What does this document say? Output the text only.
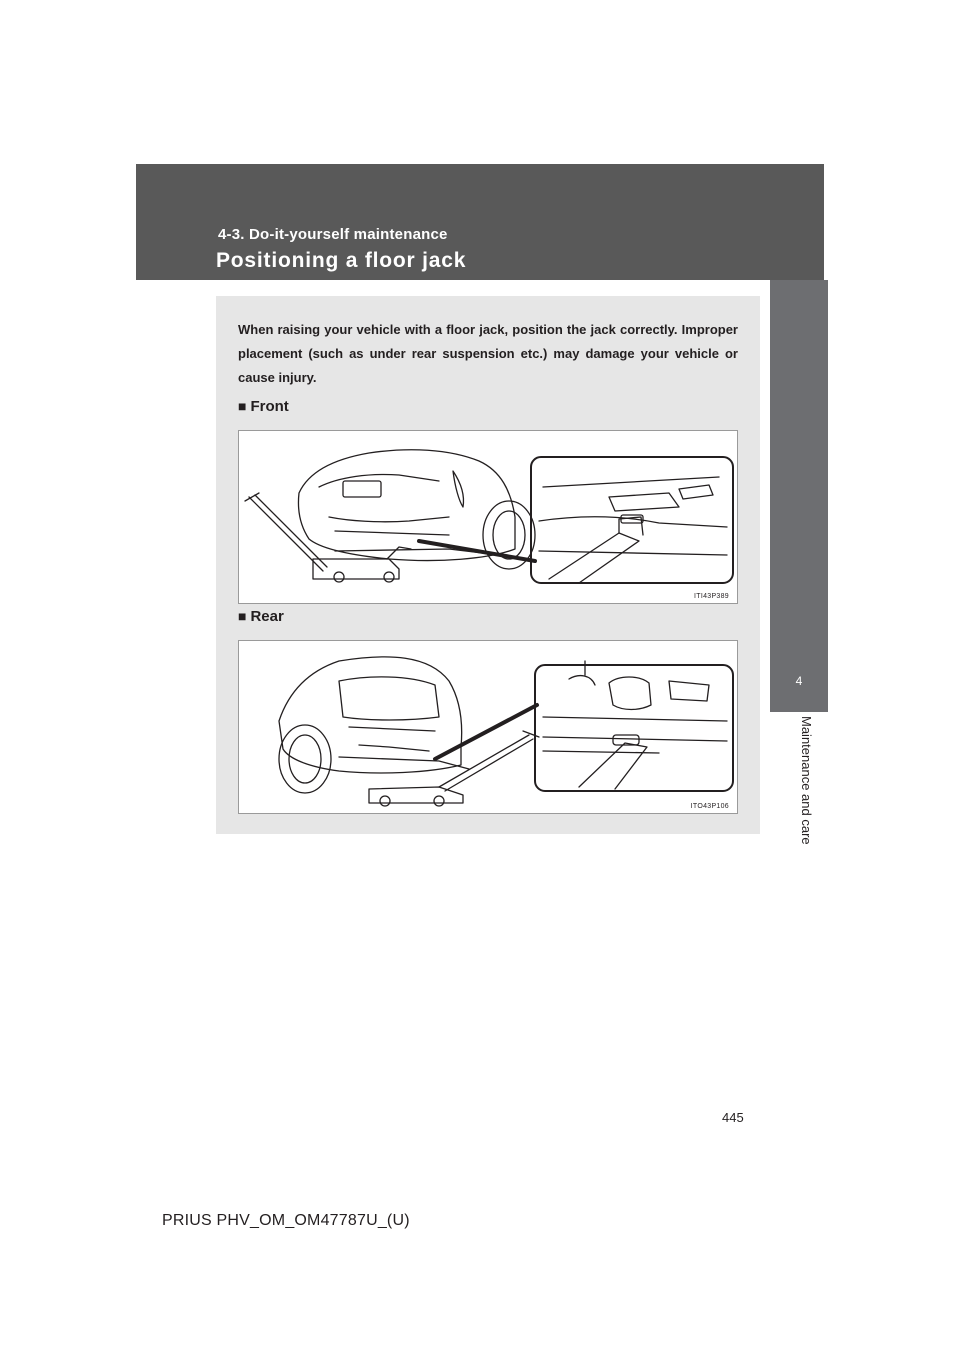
4-3. Do-it-yourself maintenance
Positioning a floor jack
4
Maintenance and care
When raising your vehicle with a floor jack, position the jack correctly. Improper placement (such as under rear suspension etc.) may damage your vehicle or cause injury.
■ Front
ITI43P389
■ Rear
ITO43P106
445
PRIUS PHV_OM_OM47787U_(U)
